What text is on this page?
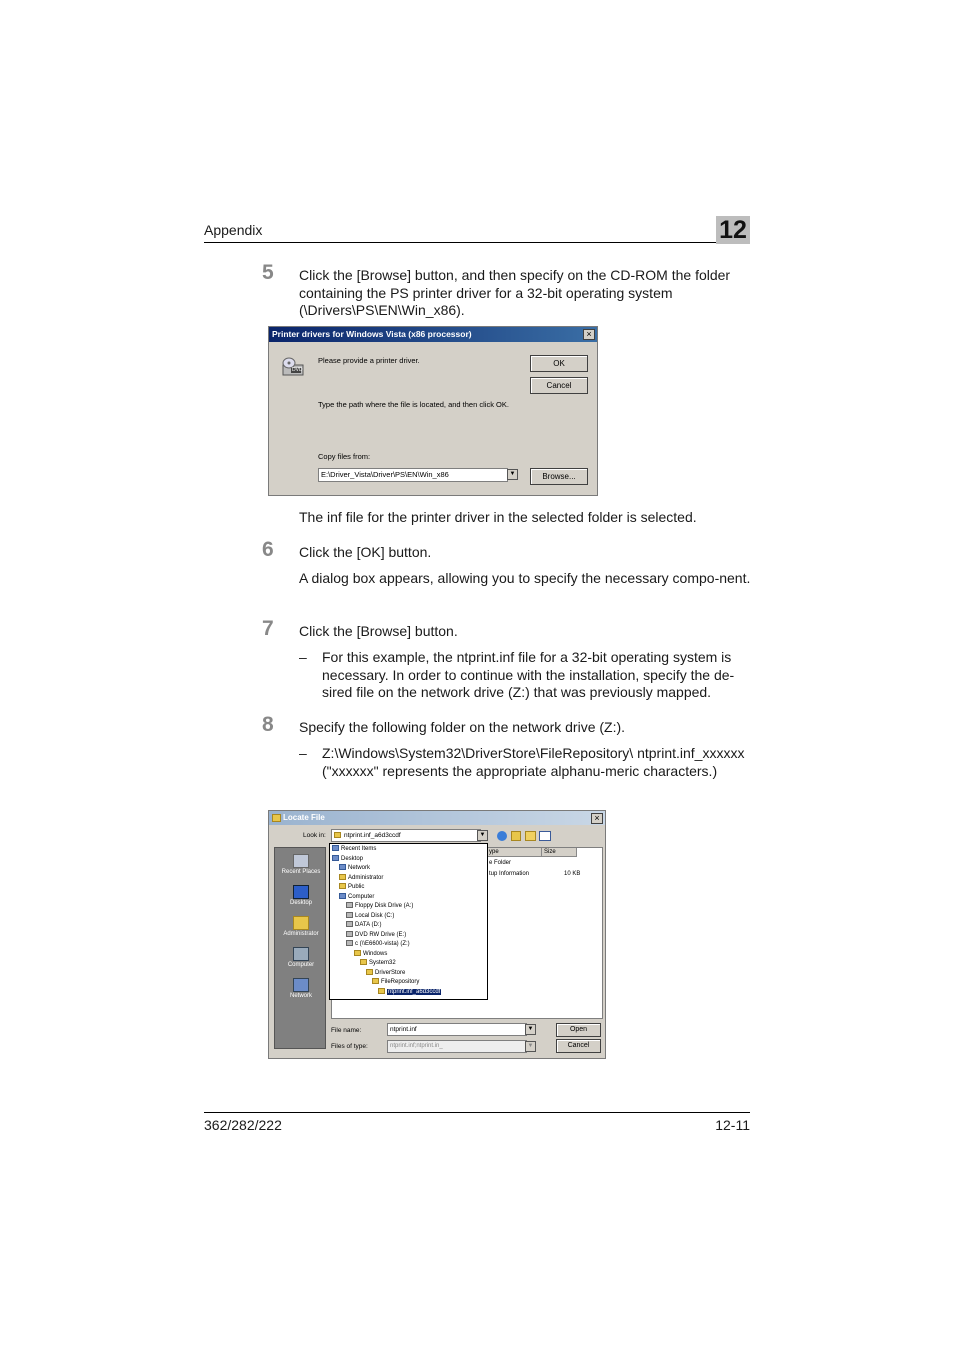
Appendix	12
5 Click the [Browse] button, and then specify on the CD-ROM the folder containing the PS printer driver for a 32-bit operating system (\Drivers\PS\EN\Win_x86).
Printer drivers for Windows Vista (x86 processor)	×
DVD
Please provide a printer driver.
Type the path where the file is located, and then click OK.
Copy files from:
E:\Driver_Vista\Driver\PS\EN\Win_x86	▼
OK
Cancel
Browse...
The inf file for the printer driver in the selected folder is selected.
6 Click the [OK] button.
A dialog box appears, allowing you to specify the necessary compo-nent.
7 Click the [Browse] button.
– For this example, the ntprint.inf file for a 32-bit operating system is necessary. In order to continue with the installation, specify the de-sired file on the network drive (Z:) that was previously mapped.
8 Specify the following folder on the network drive (Z:).
– Z:\Windows\System32\DriverStore\FileRepository\ ntprint.inf_xxxxxx ("xxxxxx" represents the appropriate alphanu-meric characters.)
Locate File	×
Look in:	ntprint.inf_a6d3ccdf	▼
Recent Places
Desktop
Administrator
Computer
Network
ype	Size
e Folder
tup Information	10 KB
Recent Items
Desktop
Network
Administrator
Public
Computer
Floppy Disk Drive (A:)
Local Disk (C:)
DATA (D:)
DVD RW Drive (E:)
c (\\E6600-vista) (Z:)
Windows
System32
DriverStore
FileRepository
ntprint.inf_a6d3ccdf
File name:	ntprint.inf	▼
Files of type:	ntprint.inf;ntprint.in_	▼
Open
Cancel
362/282/222	12-11
